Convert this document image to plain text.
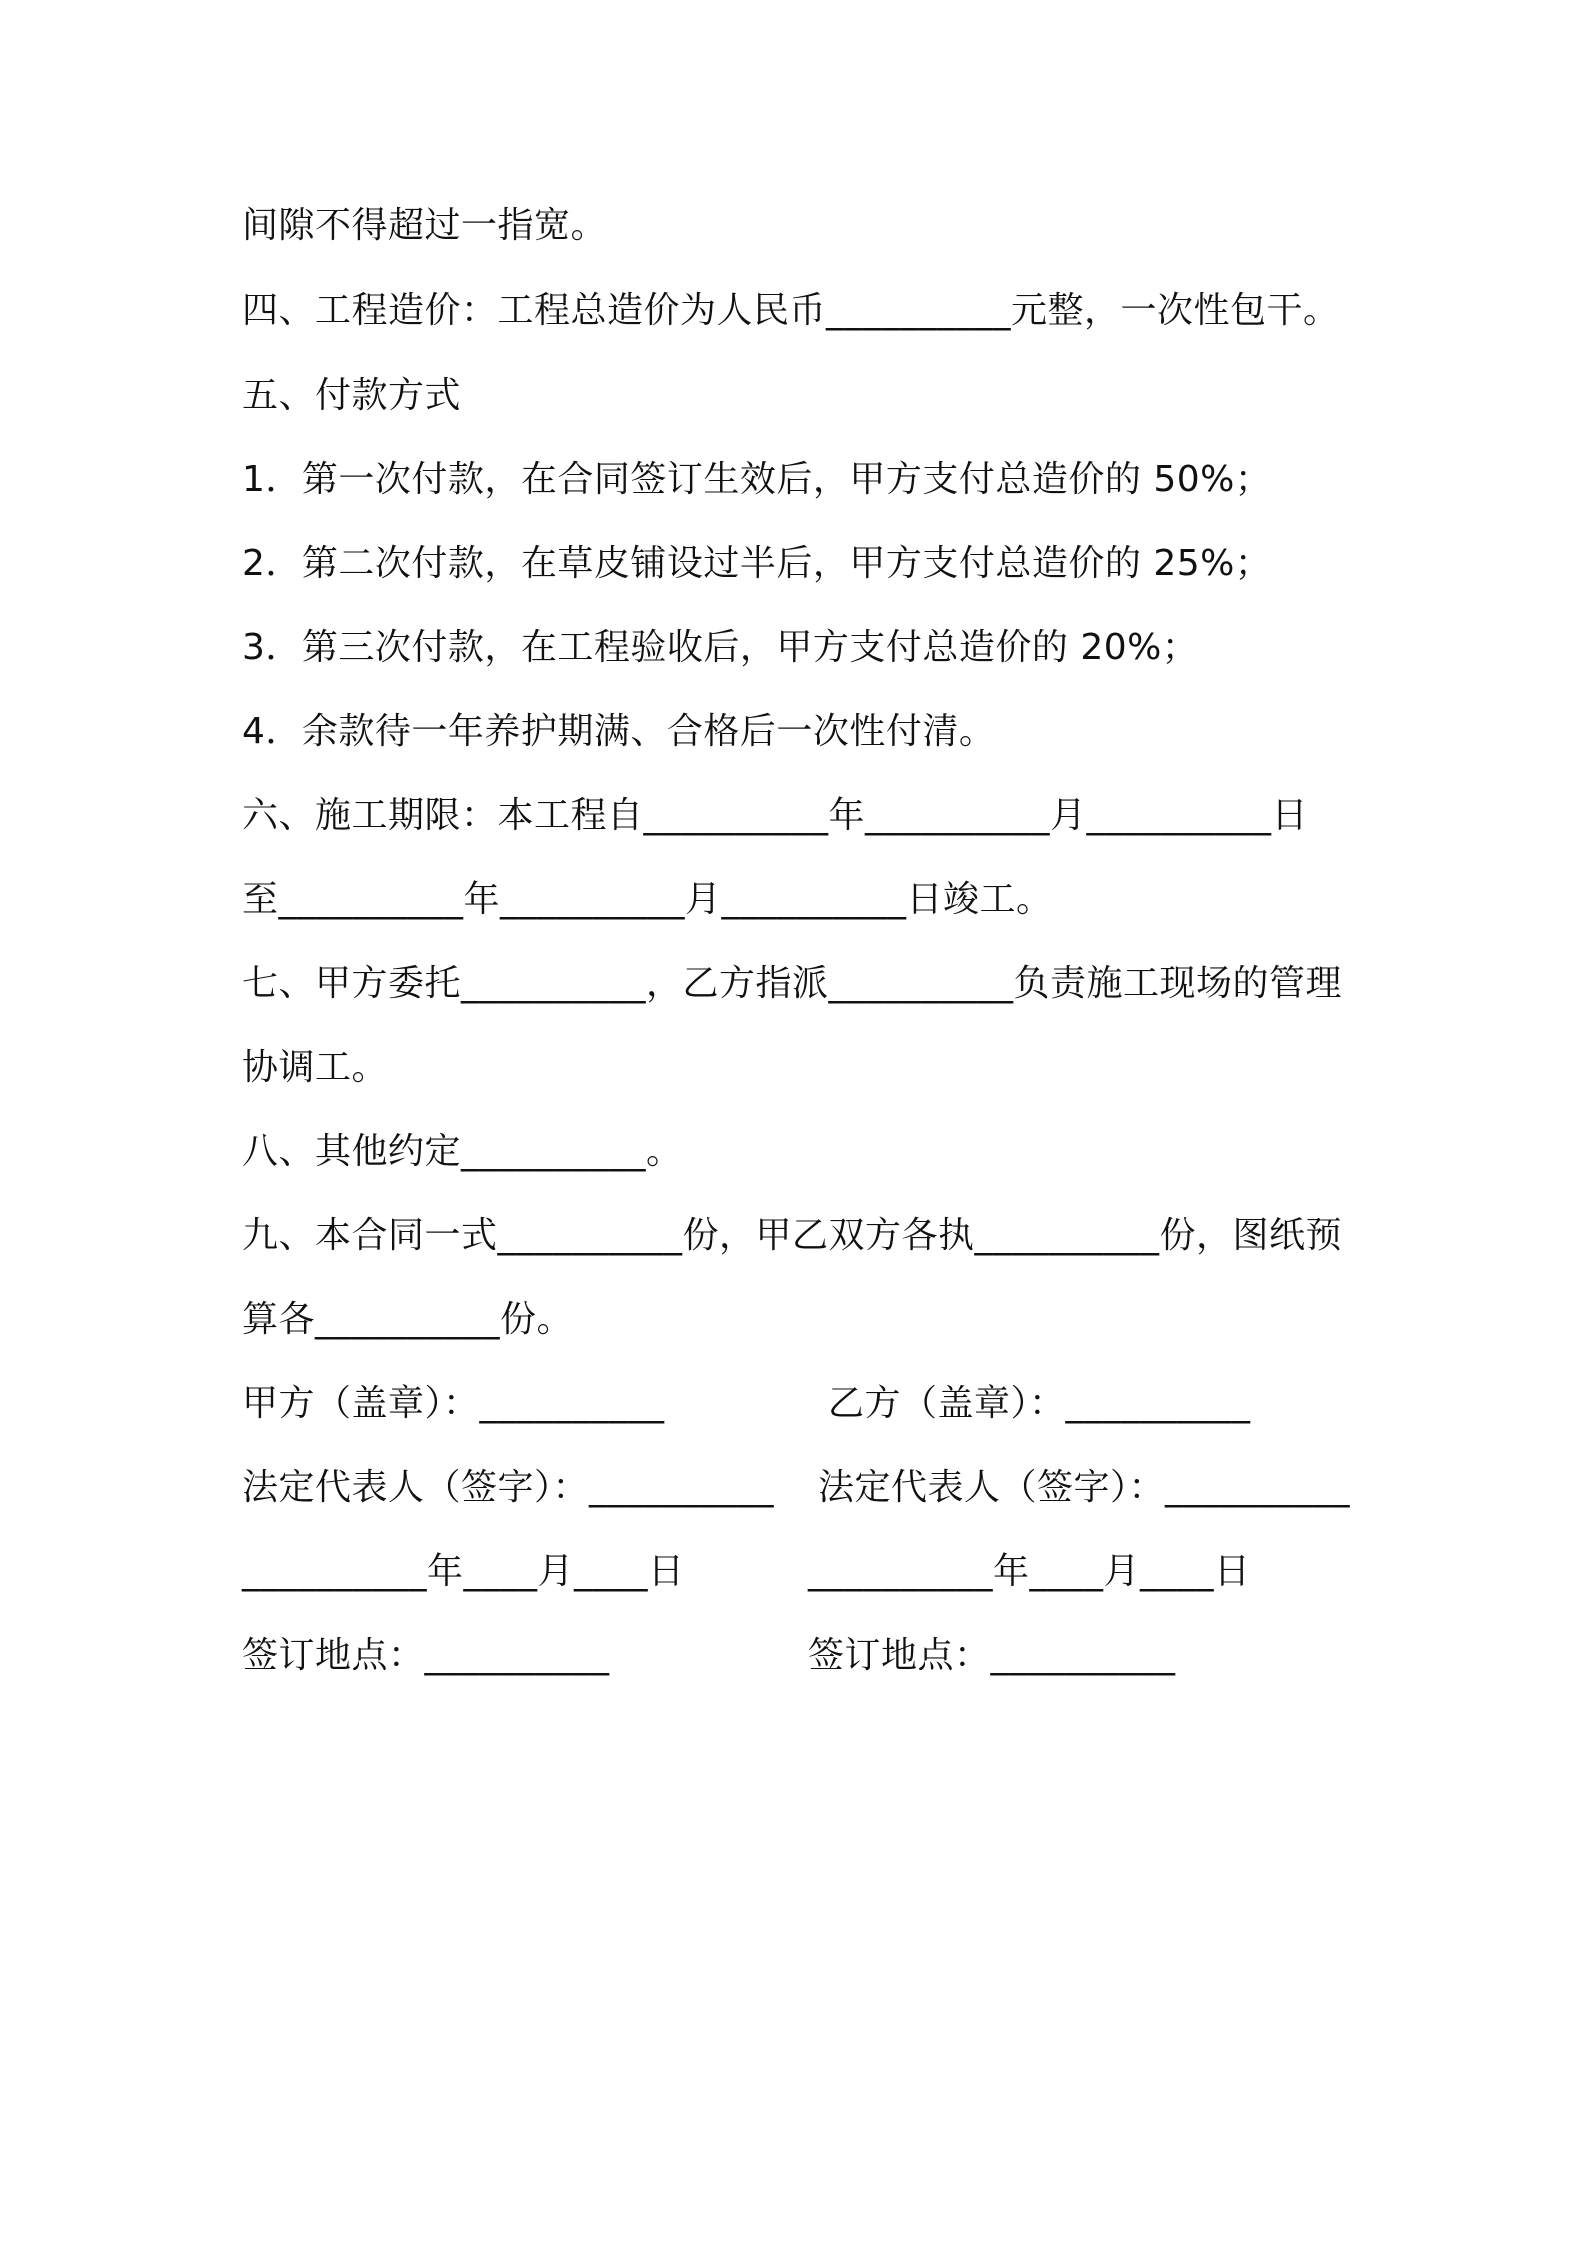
间隙不得超过一指宽。
四、工程造价：工程总造价为人民币__________元整，一次性包干。
五、付款方式
1．第一次付款，在合同签订生效后，甲方支付总造价的 50%；
2．第二次付款，在草皮铺设过半后，甲方支付总造价的 25%；
3．第三次付款，在工程验收后，甲方支付总造价的 20%；
4．余款待一年养护期满、合格后一次性付清。
六、施工期限：本工程自__________年__________月__________日
至__________年__________月__________日竣工。
七、甲方委托__________，乙方指派__________负责施工现场的管理
协调工。
八、其他约定__________。
九、本合同一式__________份，甲乙双方各执__________份，图纸预
算各__________份。
甲方（盖章）：__________	乙方（盖章）：__________
法定代表人（签字）：__________ 法定代表人（签字）：__________
__________年____月____日	__________年____月____日
签订地点：__________	签订地点：__________
